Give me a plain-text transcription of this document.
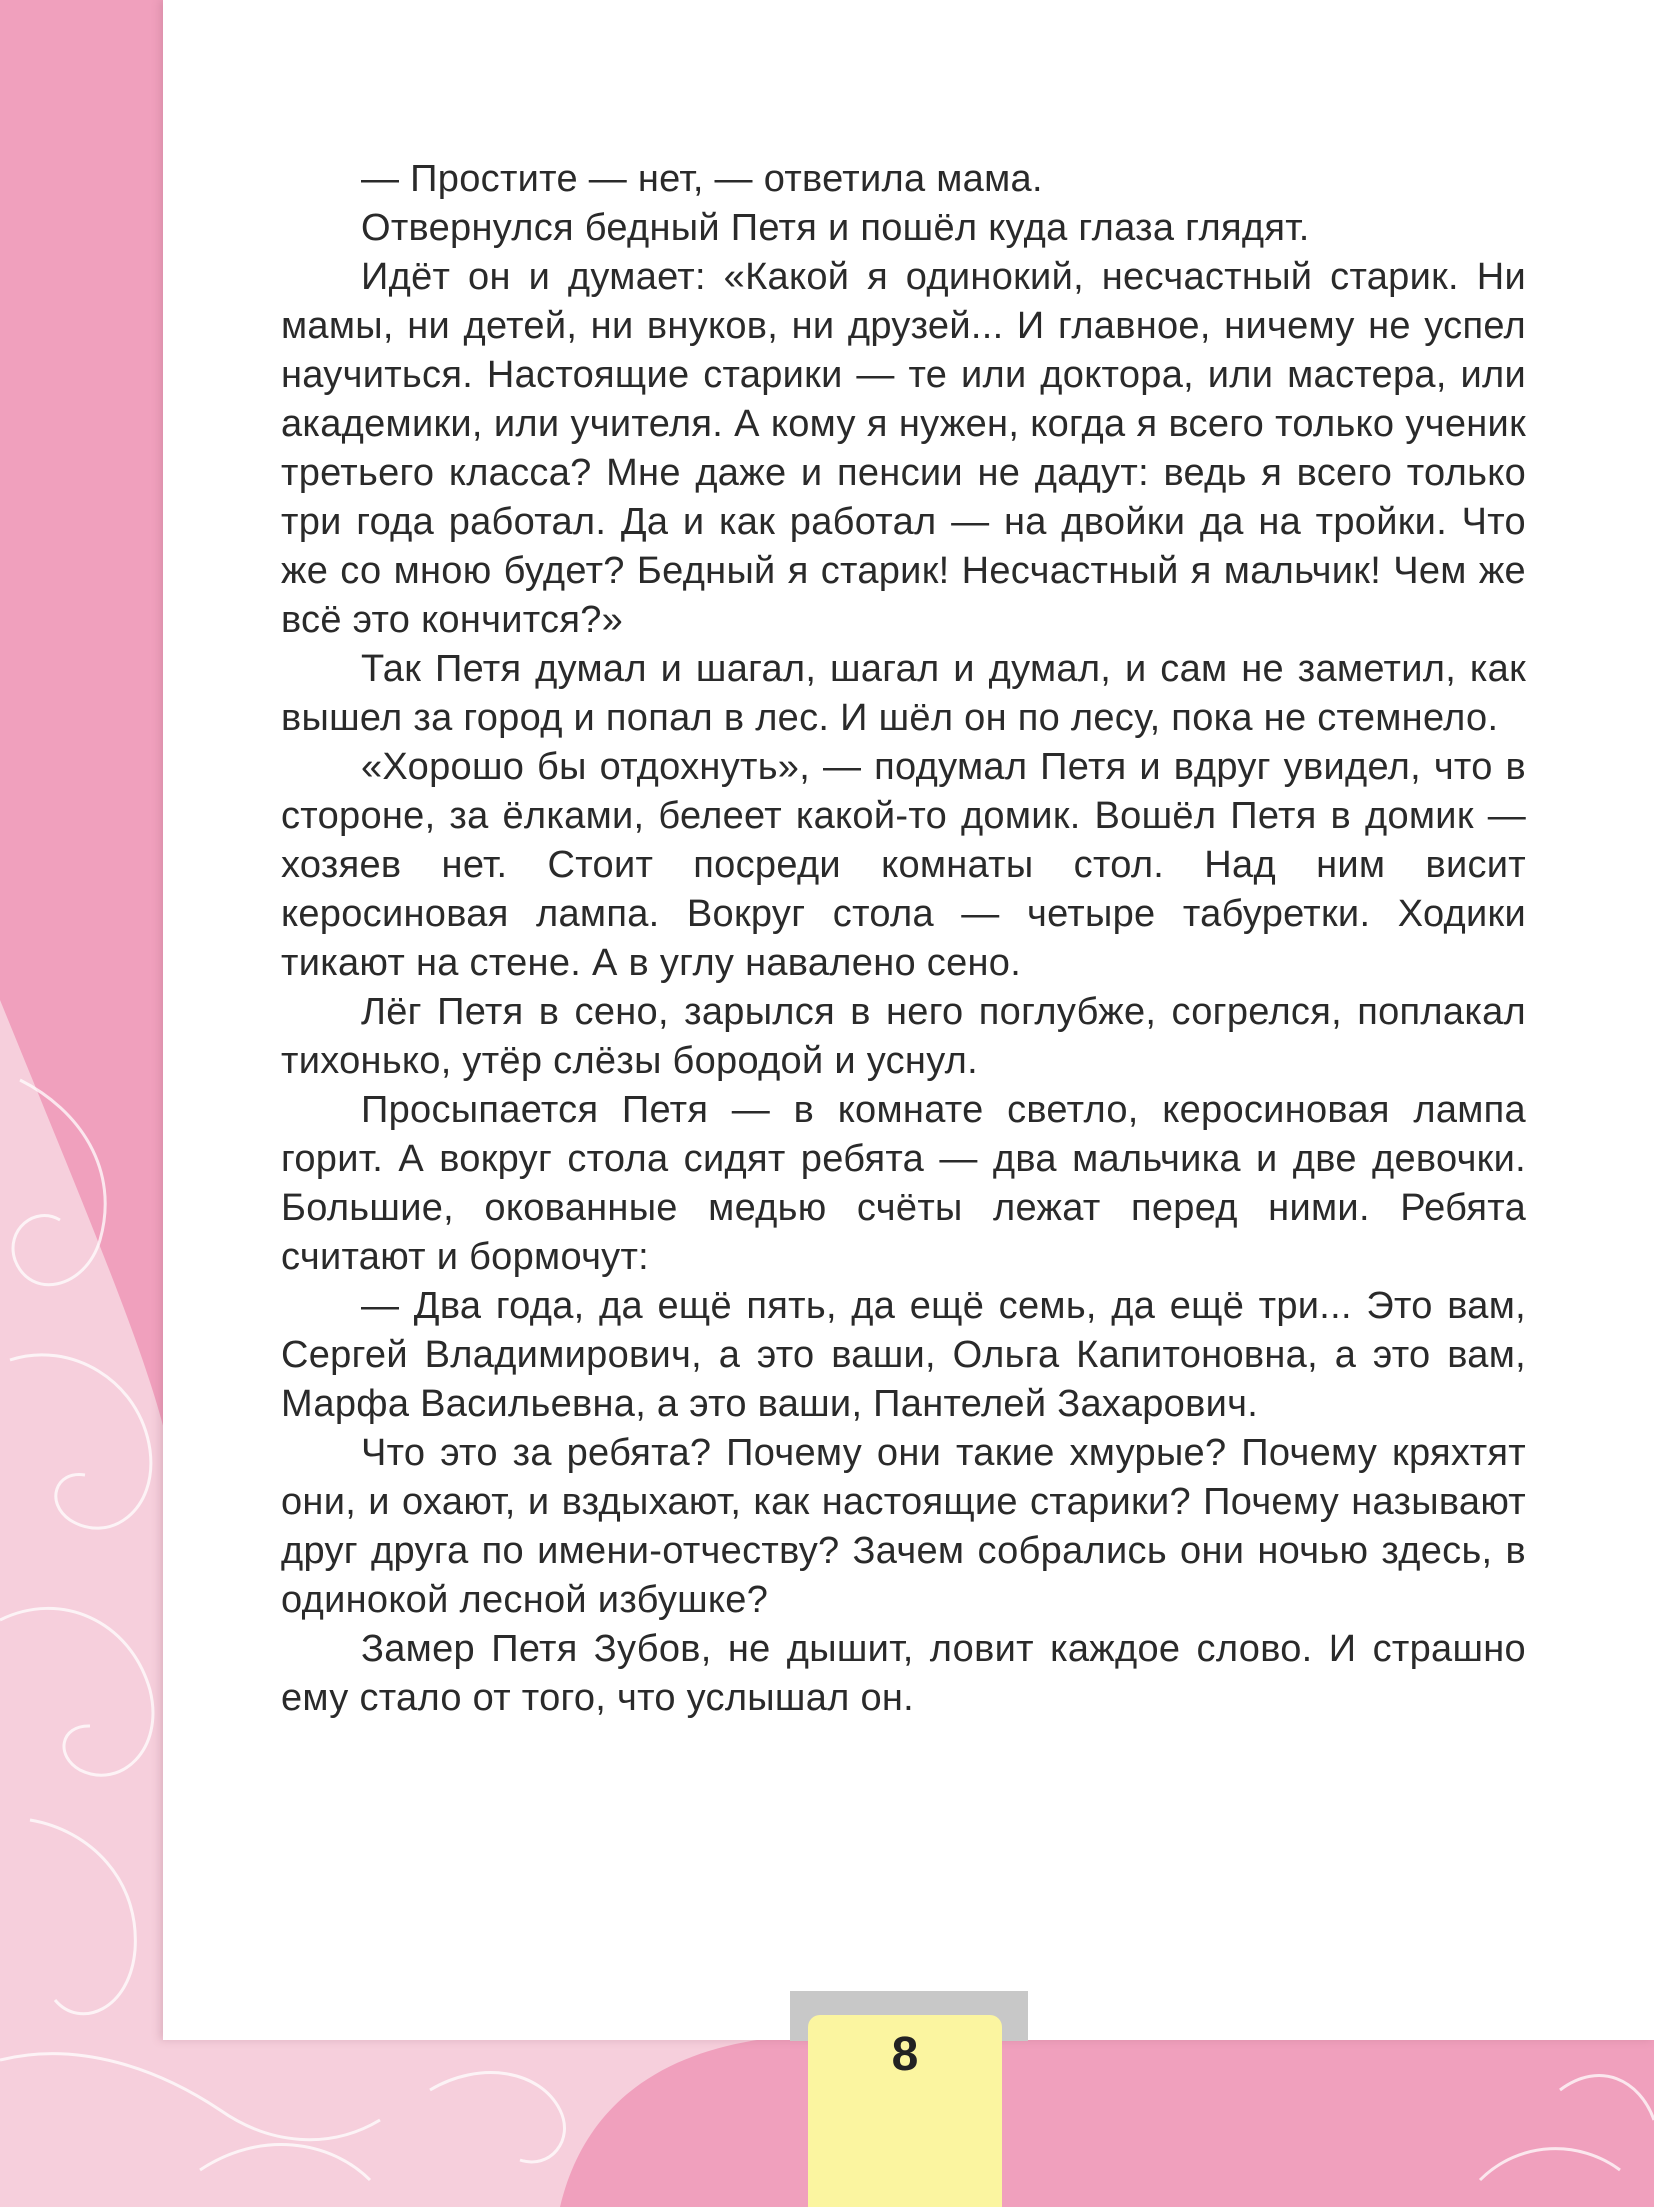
— Простите — нет, — ответила мама.

Отвернулся бедный Петя и пошёл куда глаза глядят.

Идёт он и думает: «Какой я одинокий, несчастный старик. Ни мамы, ни детей, ни внуков, ни друзей... И главное, ничему не успел научиться. Настоящие старики — те или доктора, или мастера, или академики, или учителя. А кому я нужен, когда я всего только ученик третьего класса? Мне даже и пенсии не дадут: ведь я всего только три года работал. Да и как работал — на двойки да на тройки. Что же со мною будет? Бедный я старик! Несчастный я мальчик! Чем же всё это кончится?»

Так Петя думал и шагал, шагал и думал, и сам не заметил, как вышел за город и попал в лес. И шёл он по лесу, пока не стемнело.

«Хорошо бы отдохнуть», — подумал Петя и вдруг увидел, что в стороне, за ёлками, белеет какой-то домик. Вошёл Петя в домик — хозяев нет. Стоит посреди комнаты стол. Над ним висит керосиновая лампа. Вокруг стола — четыре табуретки. Ходики тикают на стене. А в углу навалено сено.

Лёг Петя в сено, зарылся в него поглубже, согрелся, поплакал тихонько, утёр слёзы бородой и уснул.

Просыпается Петя — в комнате светло, керосиновая лампа горит. А вокруг стола сидят ребята — два мальчика и две девочки. Большие, окованные медью счёты лежат перед ними. Ребята считают и бормочут:

— Два года, да ещё пять, да ещё семь, да ещё три... Это вам, Сергей Владимирович, а это ваши, Ольга Капитоновна, а это вам, Марфа Васильевна, а это ваши, Пантелей Захарович.

Что это за ребята? Почему они такие хмурые? Почему кряхтят они, и охают, и вздыхают, как настоящие старики? Почему называют друг друга по имени-отчеству? Зачем собрались они ночью здесь, в одинокой лесной избушке?

Замер Петя Зубов, не дышит, ловит каждое слово. И страшно ему стало от того, что услышал он.

8
